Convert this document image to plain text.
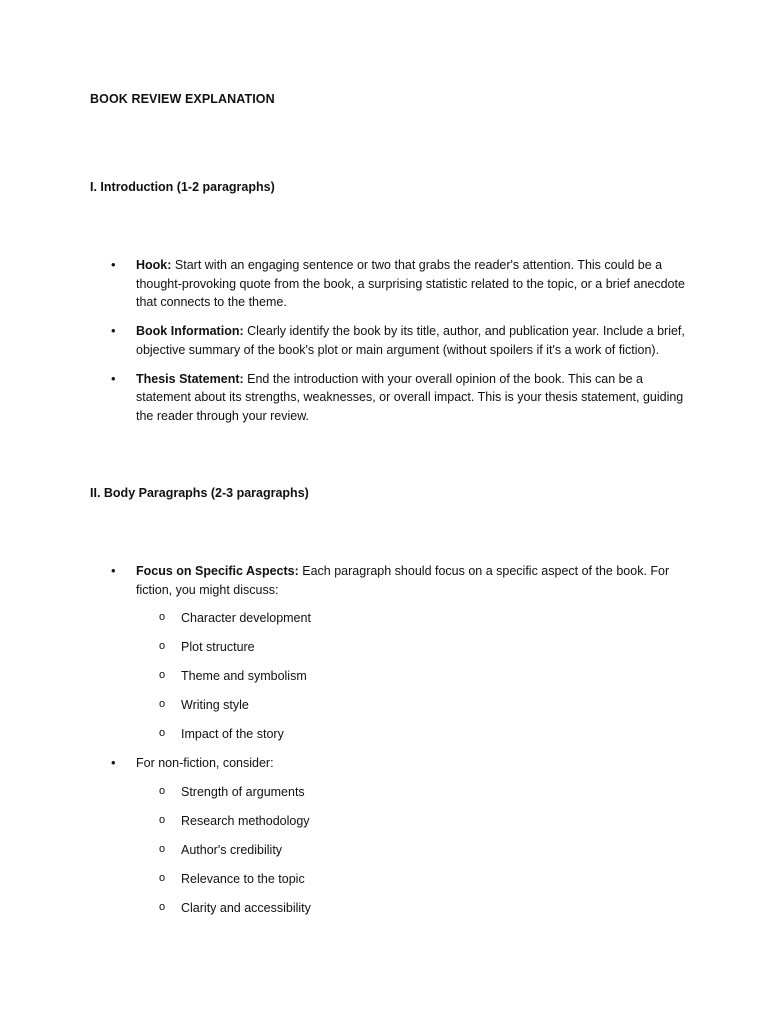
BOOK REVIEW EXPLANATION
I. Introduction (1-2 paragraphs)
• Hook: Start with an engaging sentence or two that grabs the reader's attention. This could be a thought-provoking quote from the book, a surprising statistic related to the topic, or a brief anecdote that connects to the theme.
• Book Information: Clearly identify the book by its title, author, and publication year. Include a brief, objective summary of the book's plot or main argument (without spoilers if it's a work of fiction).
• Thesis Statement: End the introduction with your overall opinion of the book. This can be a statement about its strengths, weaknesses, or overall impact. This is your thesis statement, guiding the reader through your review.
II. Body Paragraphs (2-3 paragraphs)
• Focus on Specific Aspects: Each paragraph should focus on a specific aspect of the book. For fiction, you might discuss:
o Character development
o Plot structure
o Theme and symbolism
o Writing style
o Impact of the story
• For non-fiction, consider:
o Strength of arguments
o Research methodology
o Author's credibility
o Relevance to the topic
o Clarity and accessibility
